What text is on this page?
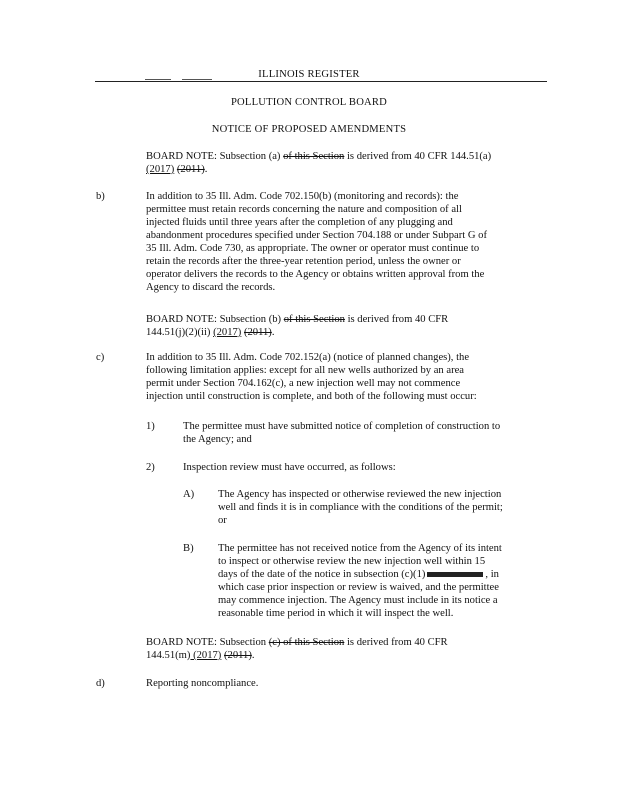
ILLINOIS REGISTER
POLLUTION CONTROL BOARD
NOTICE OF PROPOSED AMENDMENTS
BOARD NOTE: Subsection (a) of this Section is derived from 40 CFR 144.51(a)
(2017) (2011).
b)	In addition to 35 Ill. Adm. Code 702.150(b) (monitoring and records): the
permittee must retain records concerning the nature and composition of all
injected fluids until three years after the completion of any plugging and
abandonment procedures specified under Section 704.188 or under Subpart G of
35 Ill. Adm. Code 730, as appropriate. The owner or operator must continue to
retain the records after the three-year retention period, unless the owner or
operator delivers the records to the Agency or obtains written approval from the
Agency to discard the records.
BOARD NOTE: Subsection (b) of this Section is derived from 40 CFR
144.51(j)(2)(ii) (2017) (2011).
c)	In addition to 35 Ill. Adm. Code 702.152(a) (notice of planned changes), the
following limitation applies: except for all new wells authorized by an area
permit under Section 704.162(c), a new injection well may not commence
injection until construction is complete, and both of the following must occur:
1)	The permittee must have submitted notice of completion of construction to
the Agency; and
2)	Inspection review must have occurred, as follows:
A) The Agency has inspected or otherwise reviewed the new injection
well and finds it is in compliance with the conditions of the permit;
or
B) The permittee has not received notice from the Agency of its intent
to inspect or otherwise review the new injection well within 15
days of the date of the notice in subsection (c)(1)	, in
which case prior inspection or review is waived, and the permittee
may commence injection. The Agency must include in its notice a
reasonable time period in which it will inspect the well.
BOARD NOTE: Subsection (c) of this Section is derived from 40 CFR
144.51(m) (2017) (2011).
d)	Reporting noncompliance.
